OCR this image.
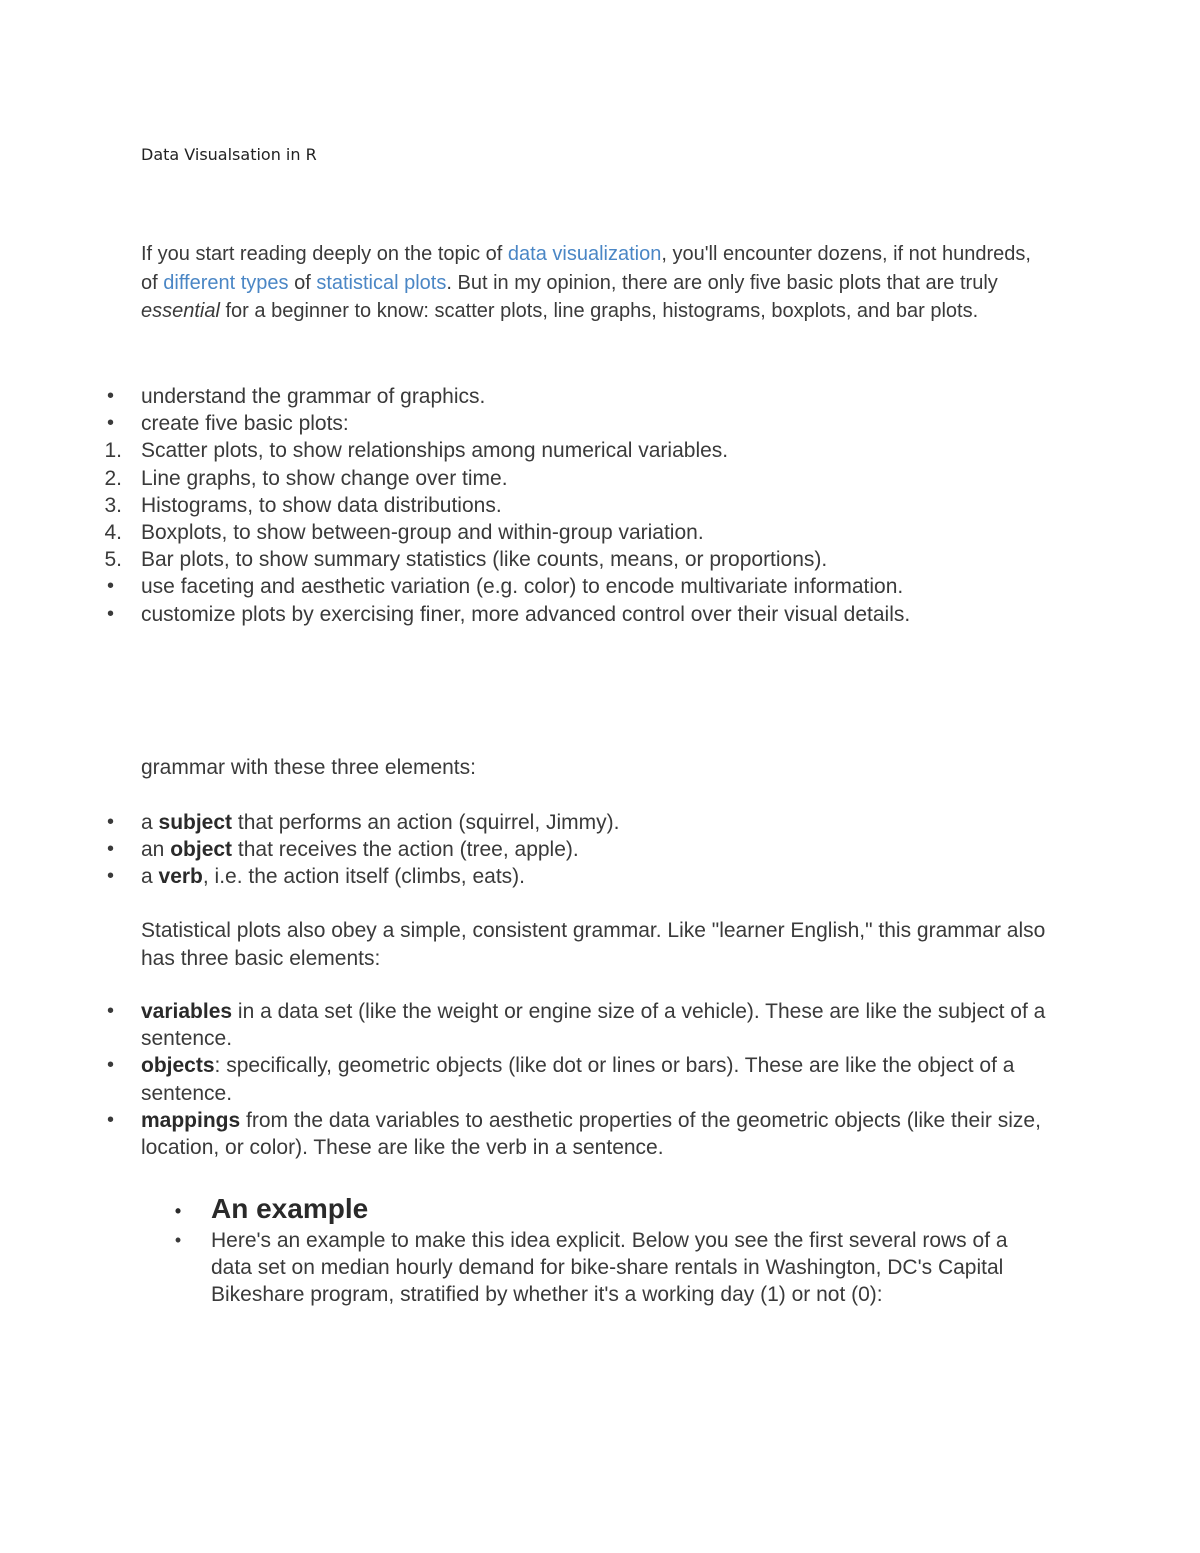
Data Visualsation in R
If you start reading deeply on the topic of data visualization, you'll encounter dozens, if not hundreds, of different types of statistical plots. But in my opinion, there are only five basic plots that are truly essential for a beginner to know: scatter plots, line graphs, histograms, boxplots, and bar plots.
• understand the grammar of graphics.
• create five basic plots:
1. Scatter plots, to show relationships among numerical variables.
2. Line graphs, to show change over time.
3. Histograms, to show data distributions.
4. Boxplots, to show between-group and within-group variation.
5. Bar plots, to show summary statistics (like counts, means, or proportions).
• use faceting and aesthetic variation (e.g. color) to encode multivariate information.
• customize plots by exercising finer, more advanced control over their visual details.
grammar with these three elements:
• a subject that performs an action (squirrel, Jimmy).
• an object that receives the action (tree, apple).
• a verb, i.e. the action itself (climbs, eats).
Statistical plots also obey a simple, consistent grammar. Like "learner English," this grammar also has three basic elements:
• variables in a data set (like the weight or engine size of a vehicle). These are like the subject of a sentence.
• objects: specifically, geometric objects (like dot or lines or bars). These are like the object of a sentence.
• mappings from the data variables to aesthetic properties of the geometric objects (like their size, location, or color). These are like the verb in a sentence.
• An example
•	Here's an example to make this idea explicit. Below you see the first several rows of a data set on median hourly demand for bike-share rentals in Washington, DC's Capital Bikeshare program, stratified by whether it's a working day (1) or not (0):
